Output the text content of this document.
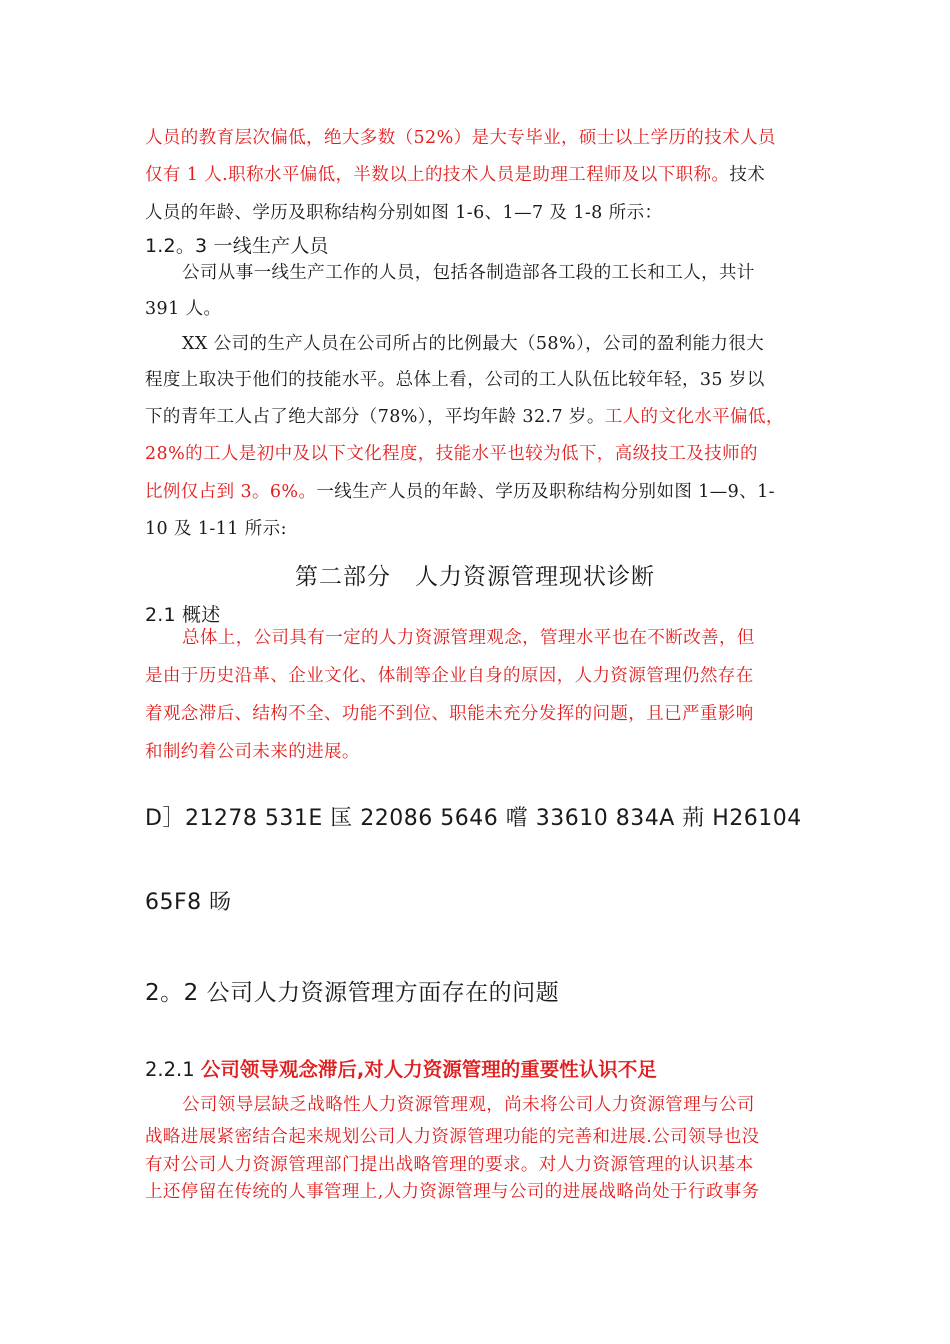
人员的教育层次偏低，绝大多数（52%）是大专毕业，硕士以上学历的技术人员
仅有 1 人.职称水平偏低，半数以上的技术人员是助理工程师及以下职称。技术
人员的年龄、学历及职称结构分别如图 1-6、1—7 及 1-8 所示：
1.2。3 一线生产人员
公司从事一线生产工作的人员，包括各制造部各工段的工长和工人，共计
391 人。
XX 公司的生产人员在公司所占的比例最大（58%），公司的盈利能力很大
程度上取决于他们的技能水平。总体上看，公司的工人队伍比较年轻，35 岁以
下的青年工人占了绝大部分（78%），平均年龄 32.7 岁。工人的文化水平偏低，
28%的工人是初中及以下文化程度，技能水平也较为低下，高级技工及技师的
比例仅占到 3。6%。一线生产人员的年龄、学历及职称结构分别如图 1—9、1-
10 及 1-11 所示:
第二部分　人力资源管理现状诊断
2.1 概述
总体上，公司具有一定的人力资源管理观念，管理水平也在不断改善，但
是由于历史沿革、企业文化、体制等企业自身的原因，人力资源管理仍然存在
着观念滞后、结构不全、功能不到位、职能未充分发挥的问题，且已严重影响
和制约着公司未来的进展。
D］21278 531E 匤 22086 5646 嚐 33610 834A 荊 H26104
65F8 旸
2。2 公司人力资源管理方面存在的问题
2.2.1 公司领导观念滞后,对人力资源管理的重要性认识不足
公司领导层缺乏战略性人力资源管理观，尚未将公司人力资源管理与公司
战略进展紧密结合起来规划公司人力资源管理功能的完善和进展.公司领导也没
有对公司人力资源管理部门提出战略管理的要求。对人力资源管理的认识基本
上还停留在传统的人事管理上,人力资源管理与公司的进展战略尚处于行政事务
